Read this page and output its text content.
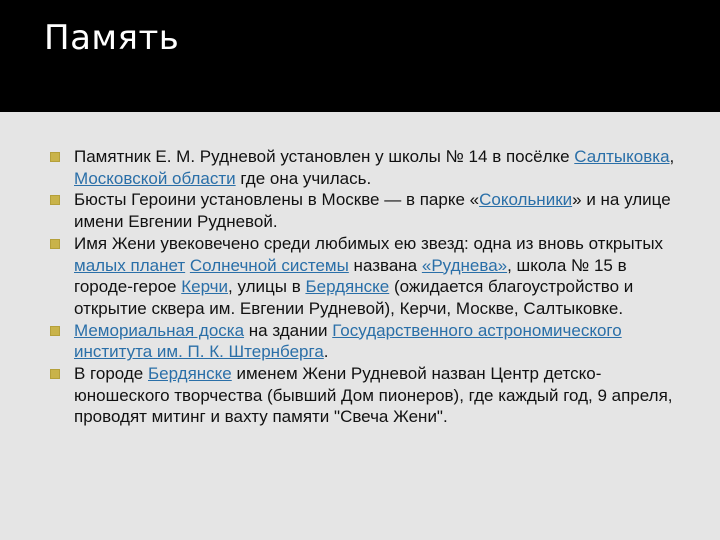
Память
Памятник Е. М. Рудневой установлен у школы № 14 в посёлке Салтыковка, Московской области где она училась.
Бюсты Героини установлены в Москве — в парке «Сокольники» и на улице имени Евгении Рудневой.
Имя Жени увековечено среди любимых ею звезд: одна из вновь открытых малых планет Солнечной системы названа «Руднева», школа № 15 в городе-герое Керчи, улицы в Бердянске (ожидается благоустройство и открытие сквера им. Евгении Рудневой), Керчи, Москве, Салтыковке.
Мемориальная доска на здании Государственного астрономического института им. П. К. Штернберга.
В городе Бердянске именем Жени Рудневой назван Центр детско-юношеского творчества (бывший Дом пионеров), где каждый год, 9 апреля, проводят митинг и вахту памяти "Свеча Жени".
